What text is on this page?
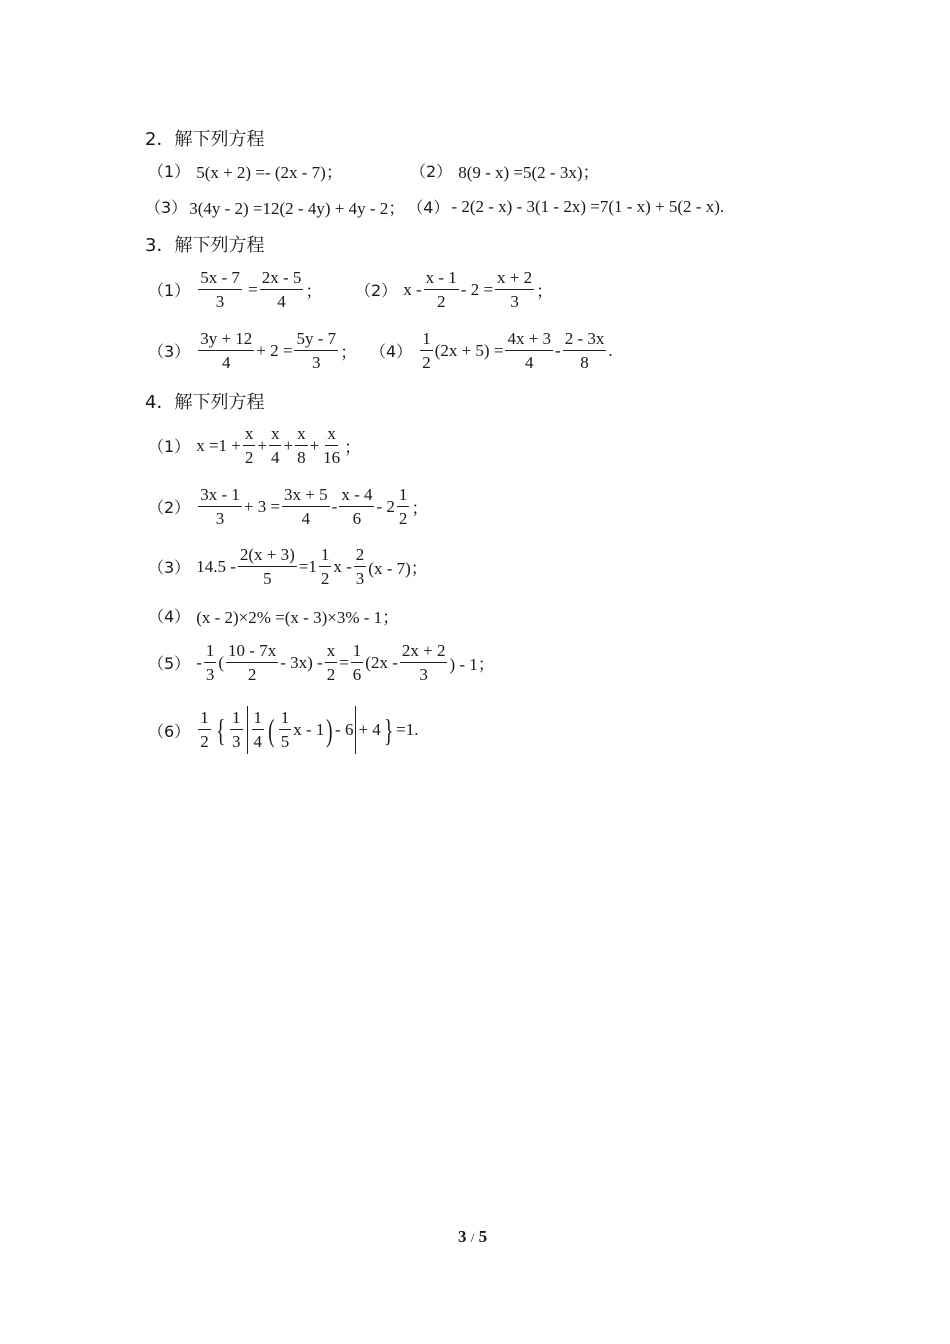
2．解下列方程
（1） 5(x + 2) =- (2x - 7)；	（2） 8(9 - x) =5(2 - 3x)；
（3） 3(4y - 2) =12(2 - 4y) + 4y - 2； （4） - 2(2 - x) - 3(1 - 2x) =7(1 - x) + 5(2 - x).
3．解下列方程
$(1) \frac{5x - 7}{3} = \frac{2x - 5}{4}$ ； （2） $x - \frac{x - 1}{2} - 2 = \frac{x + 2}{3}$ ；
$(3) \frac{3y + 12}{4} + 2 = \frac{5y - 7}{3}$ ； $(4) \frac{1}{2} (2x + 5) = \frac{4x + 3}{4} - \frac{2 - 3x}{8}$ .
4．解下列方程
（1） $x =1 + \frac{x}{2} + \frac{x}{4} + \frac{x}{8} + \frac{x}{16}$ ；
$(2) \frac{3x - 1}{3} + 3 = \frac{3x + 5}{4} - \frac{x - 4}{6} - 2 \frac{1}{2}$ ；
（3） $14.5 - \frac{2(x + 3)}{5} =1 \frac{1}{2}$ x - $\frac{2}{3} (x - 7)$；
（4） (x - 2)×2% =(x - 3)×3% - 1；
$(5) - \frac{1}{3}$ ( $\frac{10 - 7x}{2} - 3x) - \frac{x}{2} = \frac{1}{6} (2x - \frac{2x + 2}{3}$ ) - 1；
$(6) \frac{1}{2}$ { $\frac{1}{3} \frac{1}{4}$ ( $\frac{1}{5}$ x - 1 ) - 6 + 4 } =1.
3 / 5
